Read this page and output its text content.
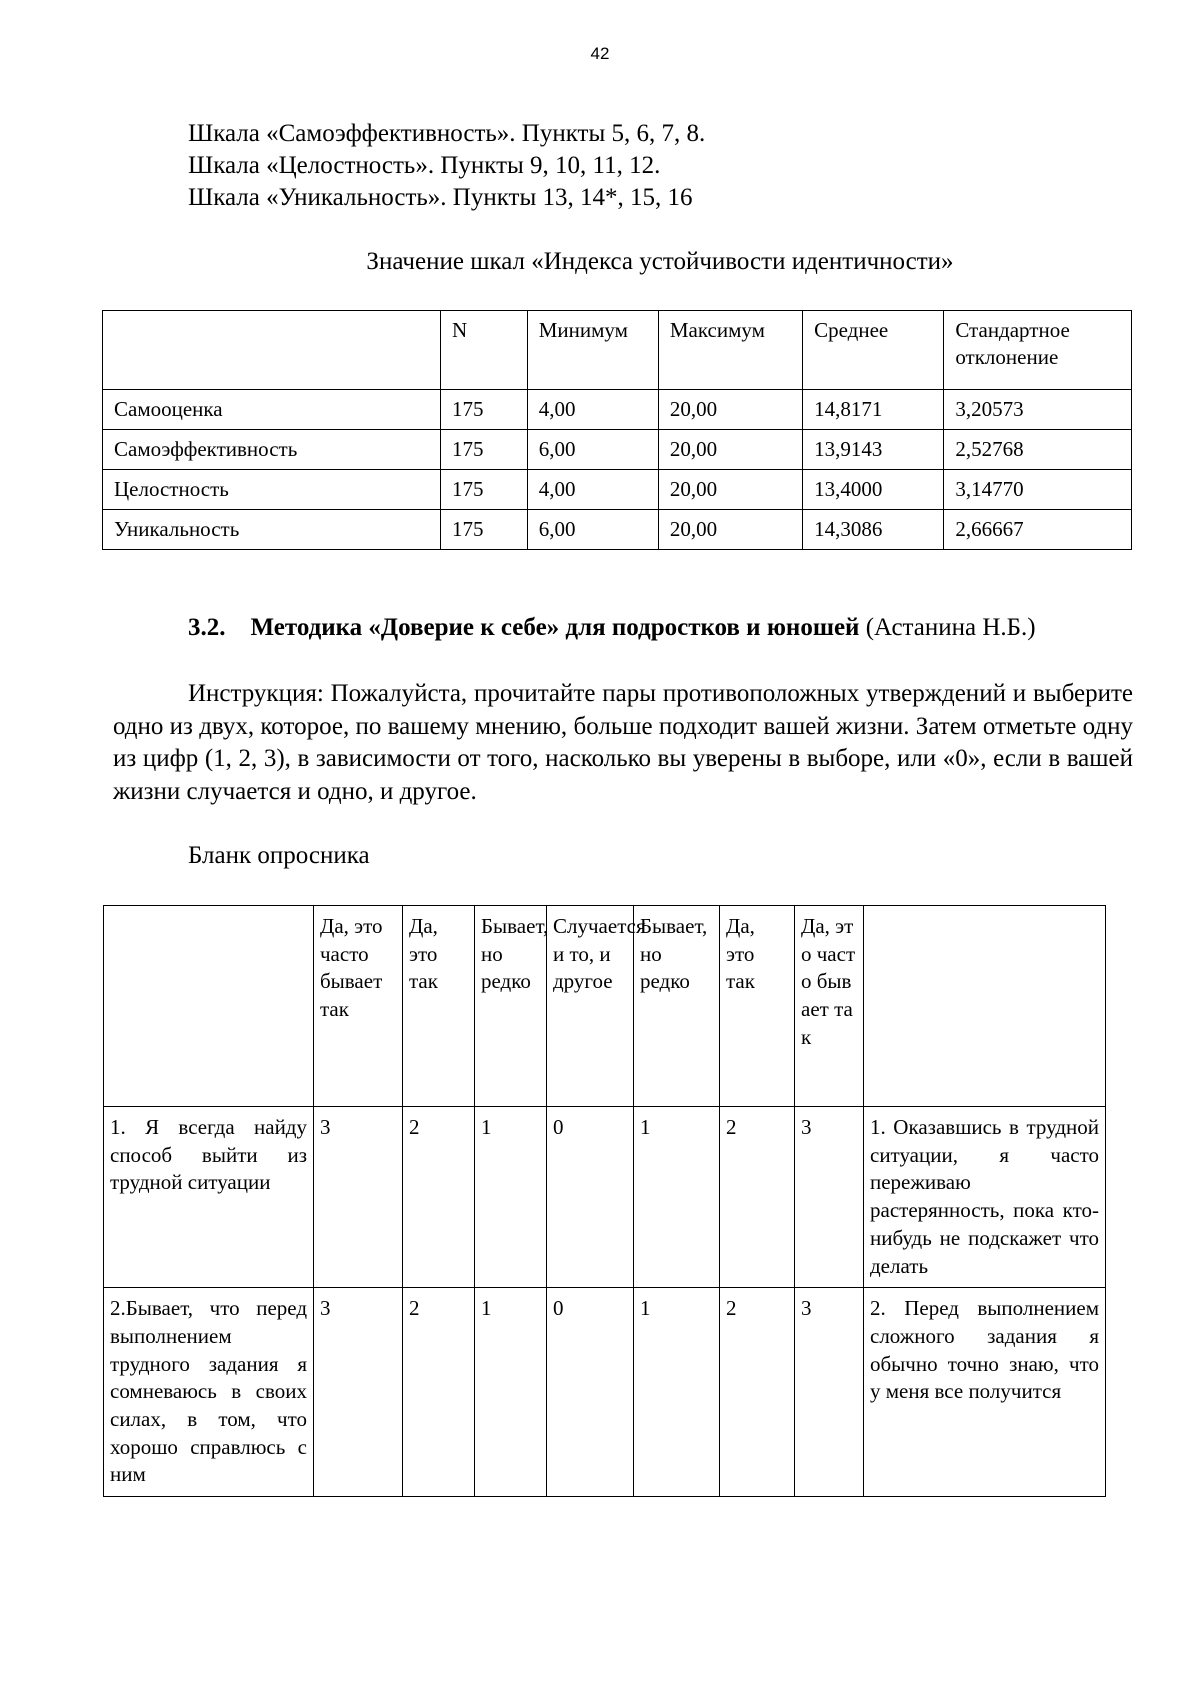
42
Шкала «Самоэффективность». Пункты 5, 6, 7, 8.
Шкала «Целостность». Пункты 9, 10, 11, 12.
Шкала «Уникальность». Пункты 13, 14*, 15, 16
Значение шкал «Индекса устойчивости идентичности»
	N	Минимум	Максимум	Среднее	Стандартное отклонение
Самооценка	175	4,00	20,00	14,8171	3,20573
Самоэффективность	175	6,00	20,00	13,9143	2,52768
Целостность	175	4,00	20,00	13,4000	3,14770
Уникальность	175	6,00	20,00	14,3086	2,66667
3.2. Методика «Доверие к себе» для подростков и юношей (Астанина Н.Б.)
Инструкция: Пожалуйста, прочитайте пары противоположных утверждений и выберите одно из двух, которое, по вашему мнению, больше подходит вашей жизни. Затем отметьте одну из цифр (1, 2, 3), в зависимости от того, насколько вы уверены в выборе, или «0», если в вашей жизни случается и одно, и другое.
Бланк опросника
	Да, это часто бывает так	Да, это так	Бывает, но редко	Случается и то, и другое	Бывает, но редко	Да, это так	Да, это часто бывает так	
1. Я всегда найду способ выйти из трудной ситуации	3	2	1	0	1	2	3	1. Оказавшись в трудной ситуации, я часто переживаю растерянность, пока кто-нибудь не подскажет что делать
2.Бывает, что перед выполнением трудного задания я сомневаюсь в своих силах, в том, что хорошо справлюсь с ним	3	2	1	0	1	2	3	2. Перед выполнением сложного задания я обычно точно знаю, что у меня все получится
